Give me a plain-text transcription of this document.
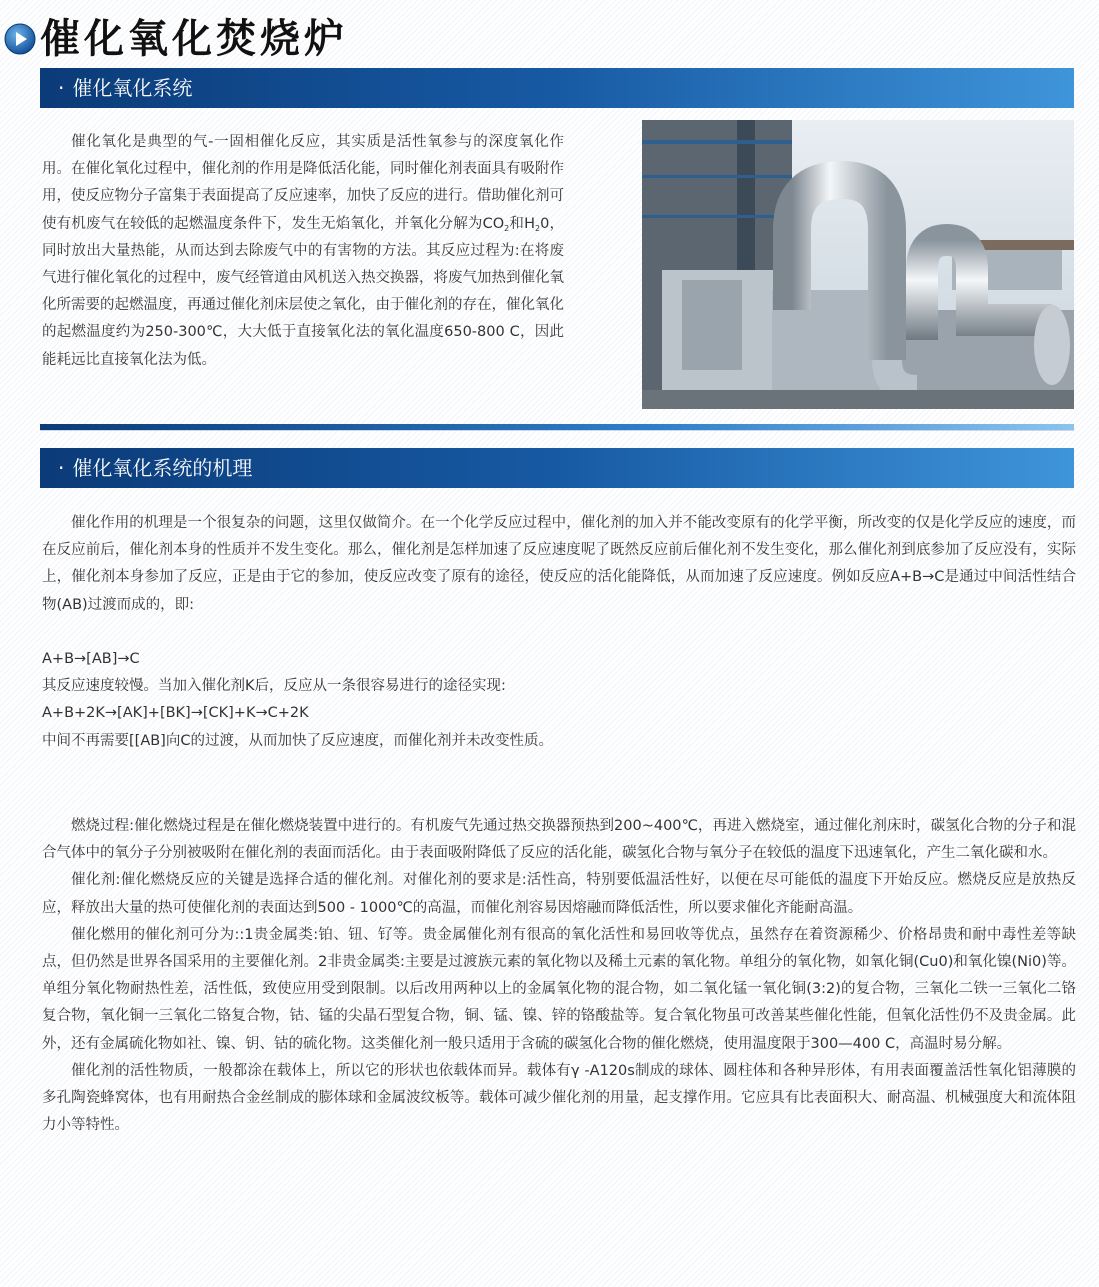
催化氧化焚烧炉
· 催化氧化系统

催化氧化是典型的气-一固相催化反应，其实质是活性氧参与的深度氧化作用。在催化氧化过程中，催化剂的作用是降低活化能，同时催化剂表面具有吸附作用，使反应物分子富集于表面提高了反应速率，加快了反应的进行。借助催化剂可使有机废气在较低的起燃温度条件下，发生无焰氧化，并氧化分解为$CO_2$和$H_20$，同时放出大量热能，从而达到去除废气中的有害物的方法。其反应过程为:在将废气进行催化氧化的过程中，废气经管道由风机送入热交换器，将废气加热到催化氧化所需要的起燃温度，再通过催化剂床层使之氧化，由于催化剂的存在，催化氧化的起燃温度约为250-300℃，大大低于直接氧化法的氧化温度650-800 C，因此能耗远比直接氧化法为低。

· 催化氧化系统的机理

催化作用的机理是一个很复杂的问题，这里仅做简介。在一个化学反应过程中，催化剂的加入并不能改变原有的化学平衡，所改变的仅是化学反应的速度，而在反应前后，催化剂本身的性质并不发生变化。那么，催化剂是怎样加速了反应速度呢了既然反应前后催化剂不发生变化，那么催化剂到底参加了反应没有，实际上，催化剂本身参加了反应，正是由于它的参加，使反应改变了原有的途径，使反应的活化能降低，从而加速了反应速度。例如反应A+B→C是通过中间活性结合物(AB)过渡而成的，即:

A+B→[AB]→C

其反应速度较慢。当加入催化剂K后，反应从一条很容易进行的途径实现:

A+B+2K→[AK]+[BK]→[CK]+K→C+2K

中间不再需要[[AB]向C的过渡，从而加快了反应速度，而催化剂并未改变性质。

燃烧过程:催化燃烧过程是在催化燃烧装置中进行的。有机废气先通过热交换器预热到200~400℃，再进入燃烧室，通过催化剂床时，碳氢化合物的分子和混合气体中的氧分子分别被吸附在催化剂的表面而活化。由于表面吸附降低了反应的活化能，碳氢化合物与氧分子在较低的温度下迅速氧化，产生二氧化碳和水。

催化剂:催化燃烧反应的关键是选择合适的催化剂。对催化剂的要求是:活性高，特别要低温活性好，以便在尽可能低的温度下开始反应。燃烧反应是放热反应，释放出大量的热可使催化剂的表面达到500 - 1000℃的高温，而催化剂容易因熔融而降低活性，所以要求催化齐能耐高温。

催化燃用的催化剂可分为::1贵金属类:铂、钮、钌等。贵金属催化剂有很高的氧化活性和易回收等优点，虽然存在着资源稀少、价格昂贵和耐中毒性差等缺点，但仍然是世界各国采用的主要催化剂。2非贵金属类:主要是过渡族元素的氧化物以及稀土元素的氧化物。单组分的氧化物，如氧化铜(Cu0)和氧化镍(Ni0)等。单组分氧化物耐热性差，活性低，致使应用受到限制。以后改用两种以上的金属氧化物的混合物，如二氧化锰一氧化铜(3:2)的复合物，三氧化二铁一三氧化二铬复合物，氧化铜一三氧化二铬复合物，钴、锰的尖晶石型复合物，铜、锰、镍、锌的铬酸盐等。复合氧化物虽可改善某些催化性能，但氧化活性仍不及贵金属。此外，还有金属硫化物如社、镍、钥、钴的硫化物。这类催化剂一般只适用于含硫的碳氢化合物的催化燃烧，使用温度限于300—400 C，高温时易分解。

催化剂的活性物质，一般都涂在载体上，所以它的形状也依载体而异。载体有γ -A120s制成的球体、圆柱体和各种异形体，有用表面覆盖活性氧化铝薄膜的多孔陶瓷蜂窝体，也有用耐热合金丝制成的膨体球和金属波纹板等。载体可减少催化剂的用量，起支撑作用。它应具有比表面积大、耐高温、机械强度大和流体阻力小等特性。
